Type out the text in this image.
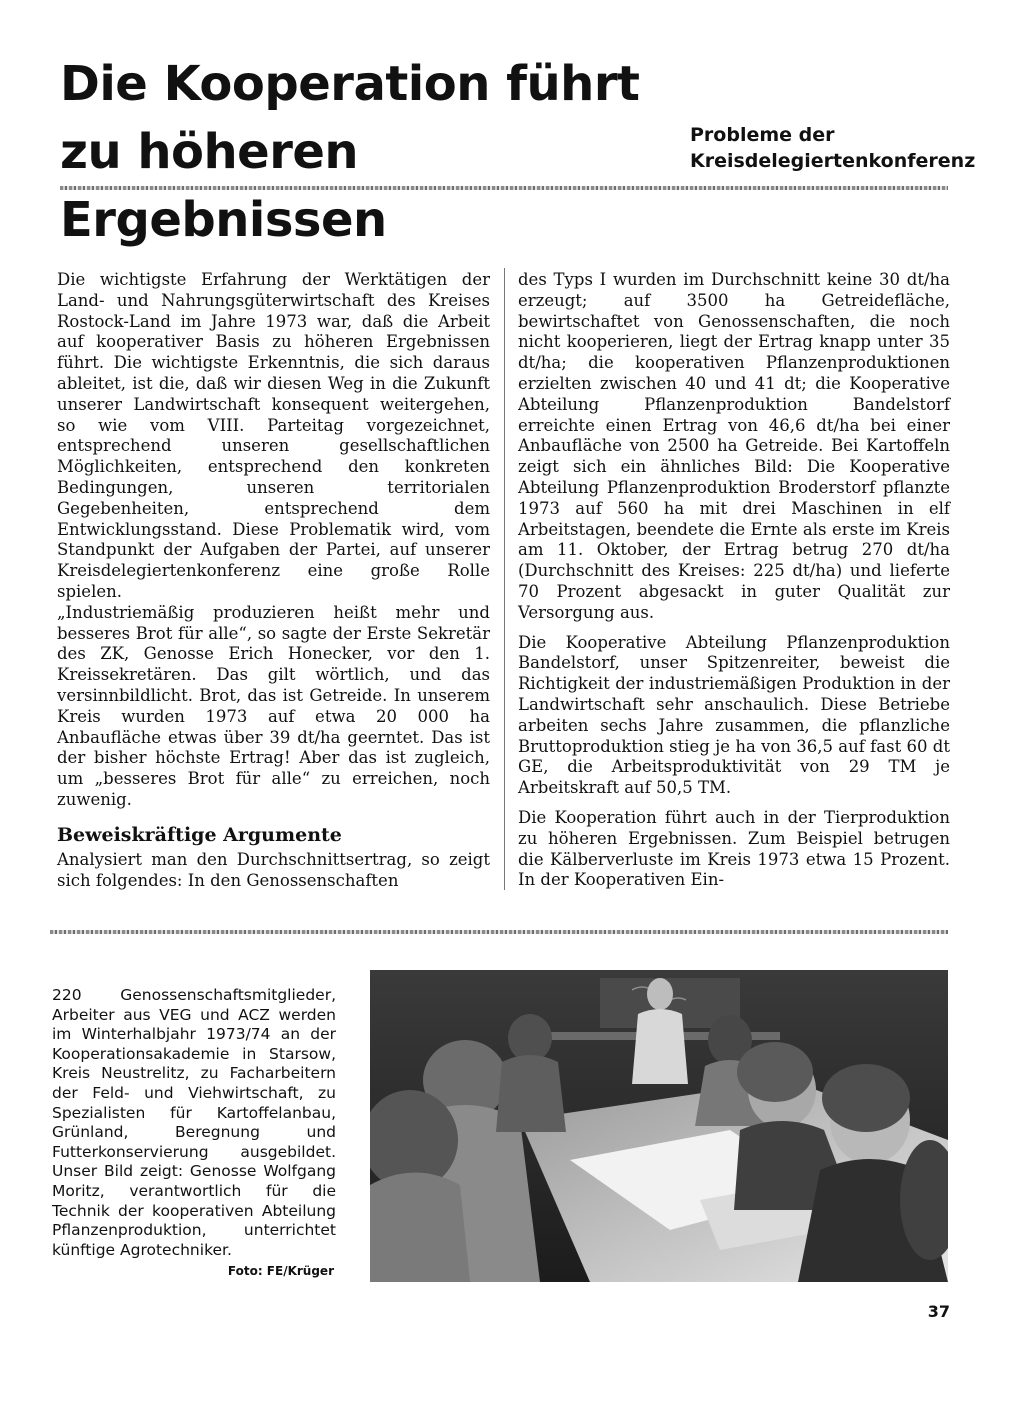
Die Kooperation führt
zu höheren Ergebnissen
Probleme der
Kreisdelegiertenkonferenz

Die wichtigste Erfahrung der Werktätigen der Land- und Nahrungsgüterwirtschaft des Kreises Rostock-Land im Jahre 1973 war, daß die Arbeit auf kooperativer Basis zu höheren Ergebnissen führt. Die wichtigste Erkenntnis, die sich daraus ableitet, ist die, daß wir diesen Weg in die Zukunft unserer Landwirtschaft konsequent weitergehen, so wie vom VIII. Parteitag vorgezeichnet, entsprechend unseren gesellschaftlichen Möglichkeiten, entsprechend den konkreten Bedingungen, unseren territorialen Gegebenheiten, entsprechend dem Entwicklungsstand. Diese Problematik wird, vom Standpunkt der Aufgaben der Partei, auf unserer Kreisdelegiertenkonferenz eine große Rolle spielen.

„Industriemäßig produzieren heißt mehr und besseres Brot für alle“, so sagte der Erste Sekretär des ZK, Genosse Erich Honecker, vor den 1. Kreissekretären. Das gilt wörtlich, und das versinnbildlicht. Brot, das ist Getreide. In unserem Kreis wurden 1973 auf etwa 20 000 ha Anbaufläche etwas über 39 dt/ha geerntet. Das ist der bisher höchste Ertrag! Aber das ist zugleich, um „besseres Brot für alle“ zu erreichen, noch zuwenig.

Beweiskräftige Argumente

Analysiert man den Durchschnittsertrag, so zeigt sich folgendes: In den Genossenschaften

des Typs I wurden im Durchschnitt keine 30 dt/ha erzeugt; auf 3500 ha Getreidefläche, bewirtschaftet von Genossenschaften, die noch nicht kooperieren, liegt der Ertrag knapp unter 35 dt/ha; die kooperativen Pflanzenproduktionen erzielten zwischen 40 und 41 dt; die Kooperative Abteilung Pflanzenproduktion Bandelstorf erreichte einen Ertrag von 46,6 dt/ha bei einer Anbaufläche von 2500 ha Getreide. Bei Kartoffeln zeigt sich ein ähnliches Bild: Die Kooperative Abteilung Pflanzenproduktion Broderstorf pflanzte 1973 auf 560 ha mit drei Maschinen in elf Arbeitstagen, beendete die Ernte als erste im Kreis am 11. Oktober, der Ertrag betrug 270 dt/ha (Durchschnitt des Kreises: 225 dt/ha) und lieferte 70 Prozent abgesackt in guter Qualität zur Versorgung aus.

Die Kooperative Abteilung Pflanzenproduktion Bandelstorf, unser Spitzenreiter, beweist die Richtigkeit der industriemäßigen Produktion in der Landwirtschaft sehr anschaulich. Diese Betriebe arbeiten sechs Jahre zusammen, die pflanzliche Bruttoproduktion stieg je ha von 36,5 auf fast 60 dt GE, die Arbeitsproduktivität von 29 TM je Arbeitskraft auf 50,5 TM.

Die Kooperation führt auch in der Tierproduktion zu höheren Ergebnissen. Zum Beispiel betrugen die Kälberverluste im Kreis 1973 etwa 15 Prozent. In der Kooperativen Ein-

220 Genossenschaftsmitglieder, Arbeiter aus VEG und ACZ werden im Winterhalbjahr 1973/74 an der Kooperationsakademie in Starsow, Kreis Neustrelitz, zu Facharbeitern der Feld- und Viehwirtschaft, zu Spezialisten für Kartoffelanbau, Grünland, Beregnung und Futterkonservierung ausgebildet. Unser Bild zeigt: Genosse Wolfgang Moritz, verantwortlich für die Technik der kooperativen Abteilung Pflanzenproduktion, unterrichtet künftige Agrotechniker.

Foto: FE/Krüger
37
